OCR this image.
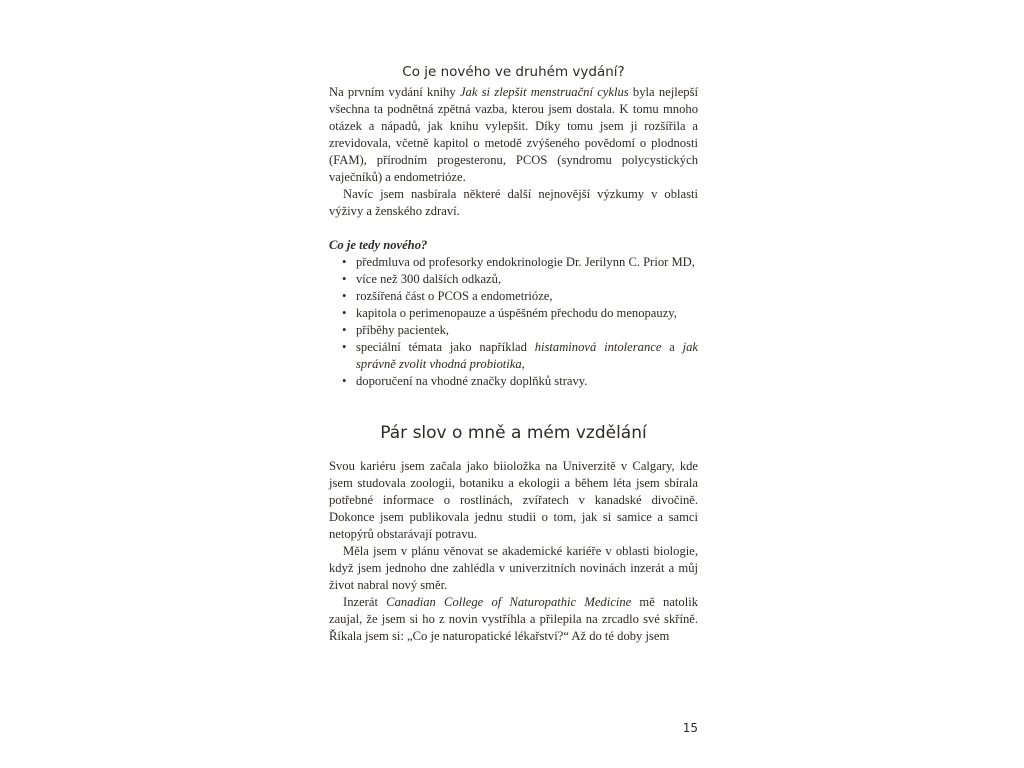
Co je nového ve druhém vydání?

Na prvním vydání knihy Jak si zlepšit menstruační cyklus byla nejlepší všechna ta podnětná zpětná vazba, kterou jsem dostala. K tomu mnoho otázek a nápadů, jak knihu vylepšit. Díky tomu jsem ji rozšířila a zrevidovala, včetně kapitol o metodě zvýšeného povědomí o plodnosti (FAM), přírodním progesteronu, PCOS (syndromu polycystických vaječníků) a endometrióze.

Navíc jsem nasbírala některé další nejnovější výzkumy v oblasti výživy a ženského zdraví.

Co je tedy nového?
• předmluva od profesorky endokrinologie Dr. Jerilynn C. Prior MD,
• více než 300 dalších odkazů,
• rozšířená část o PCOS a endometrióze,
• kapitola o perimenopauze a úspěšném přechodu do menopauzy,
• příběhy pacientek,
• speciální témata jako například histaminová intolerance a jak správně zvolit vhodná probiotika,
• doporučení na vhodné značky doplňků stravy.
Pár slov o mně a mém vzdělání

Svou kariéru jsem začala jako biioložka na Univerzitě v Calgary, kde jsem studovala zoologii, botaniku a ekologii a během léta jsem sbírala potřebné informace o rostlinách, zvířatech v kanadské divočině. Dokonce jsem publikovala jednu studii o tom, jak si samice a samci netopýrů obstarávají potravu.

Měla jsem v plánu věnovat se akademické kariéře v oblasti biologie, když jsem jednoho dne zahlédla v univerzitních novinách inzerát a můj život nabral nový směr.

Inzerát Canadian College of Naturopathic Medicine mě natolik zaujal, že jsem si ho z novin vystříhla a přilepila na zrcadlo své skříně. Říkala jsem si: „Co je naturopatické lékařství?“ Až do té doby jsem

15
